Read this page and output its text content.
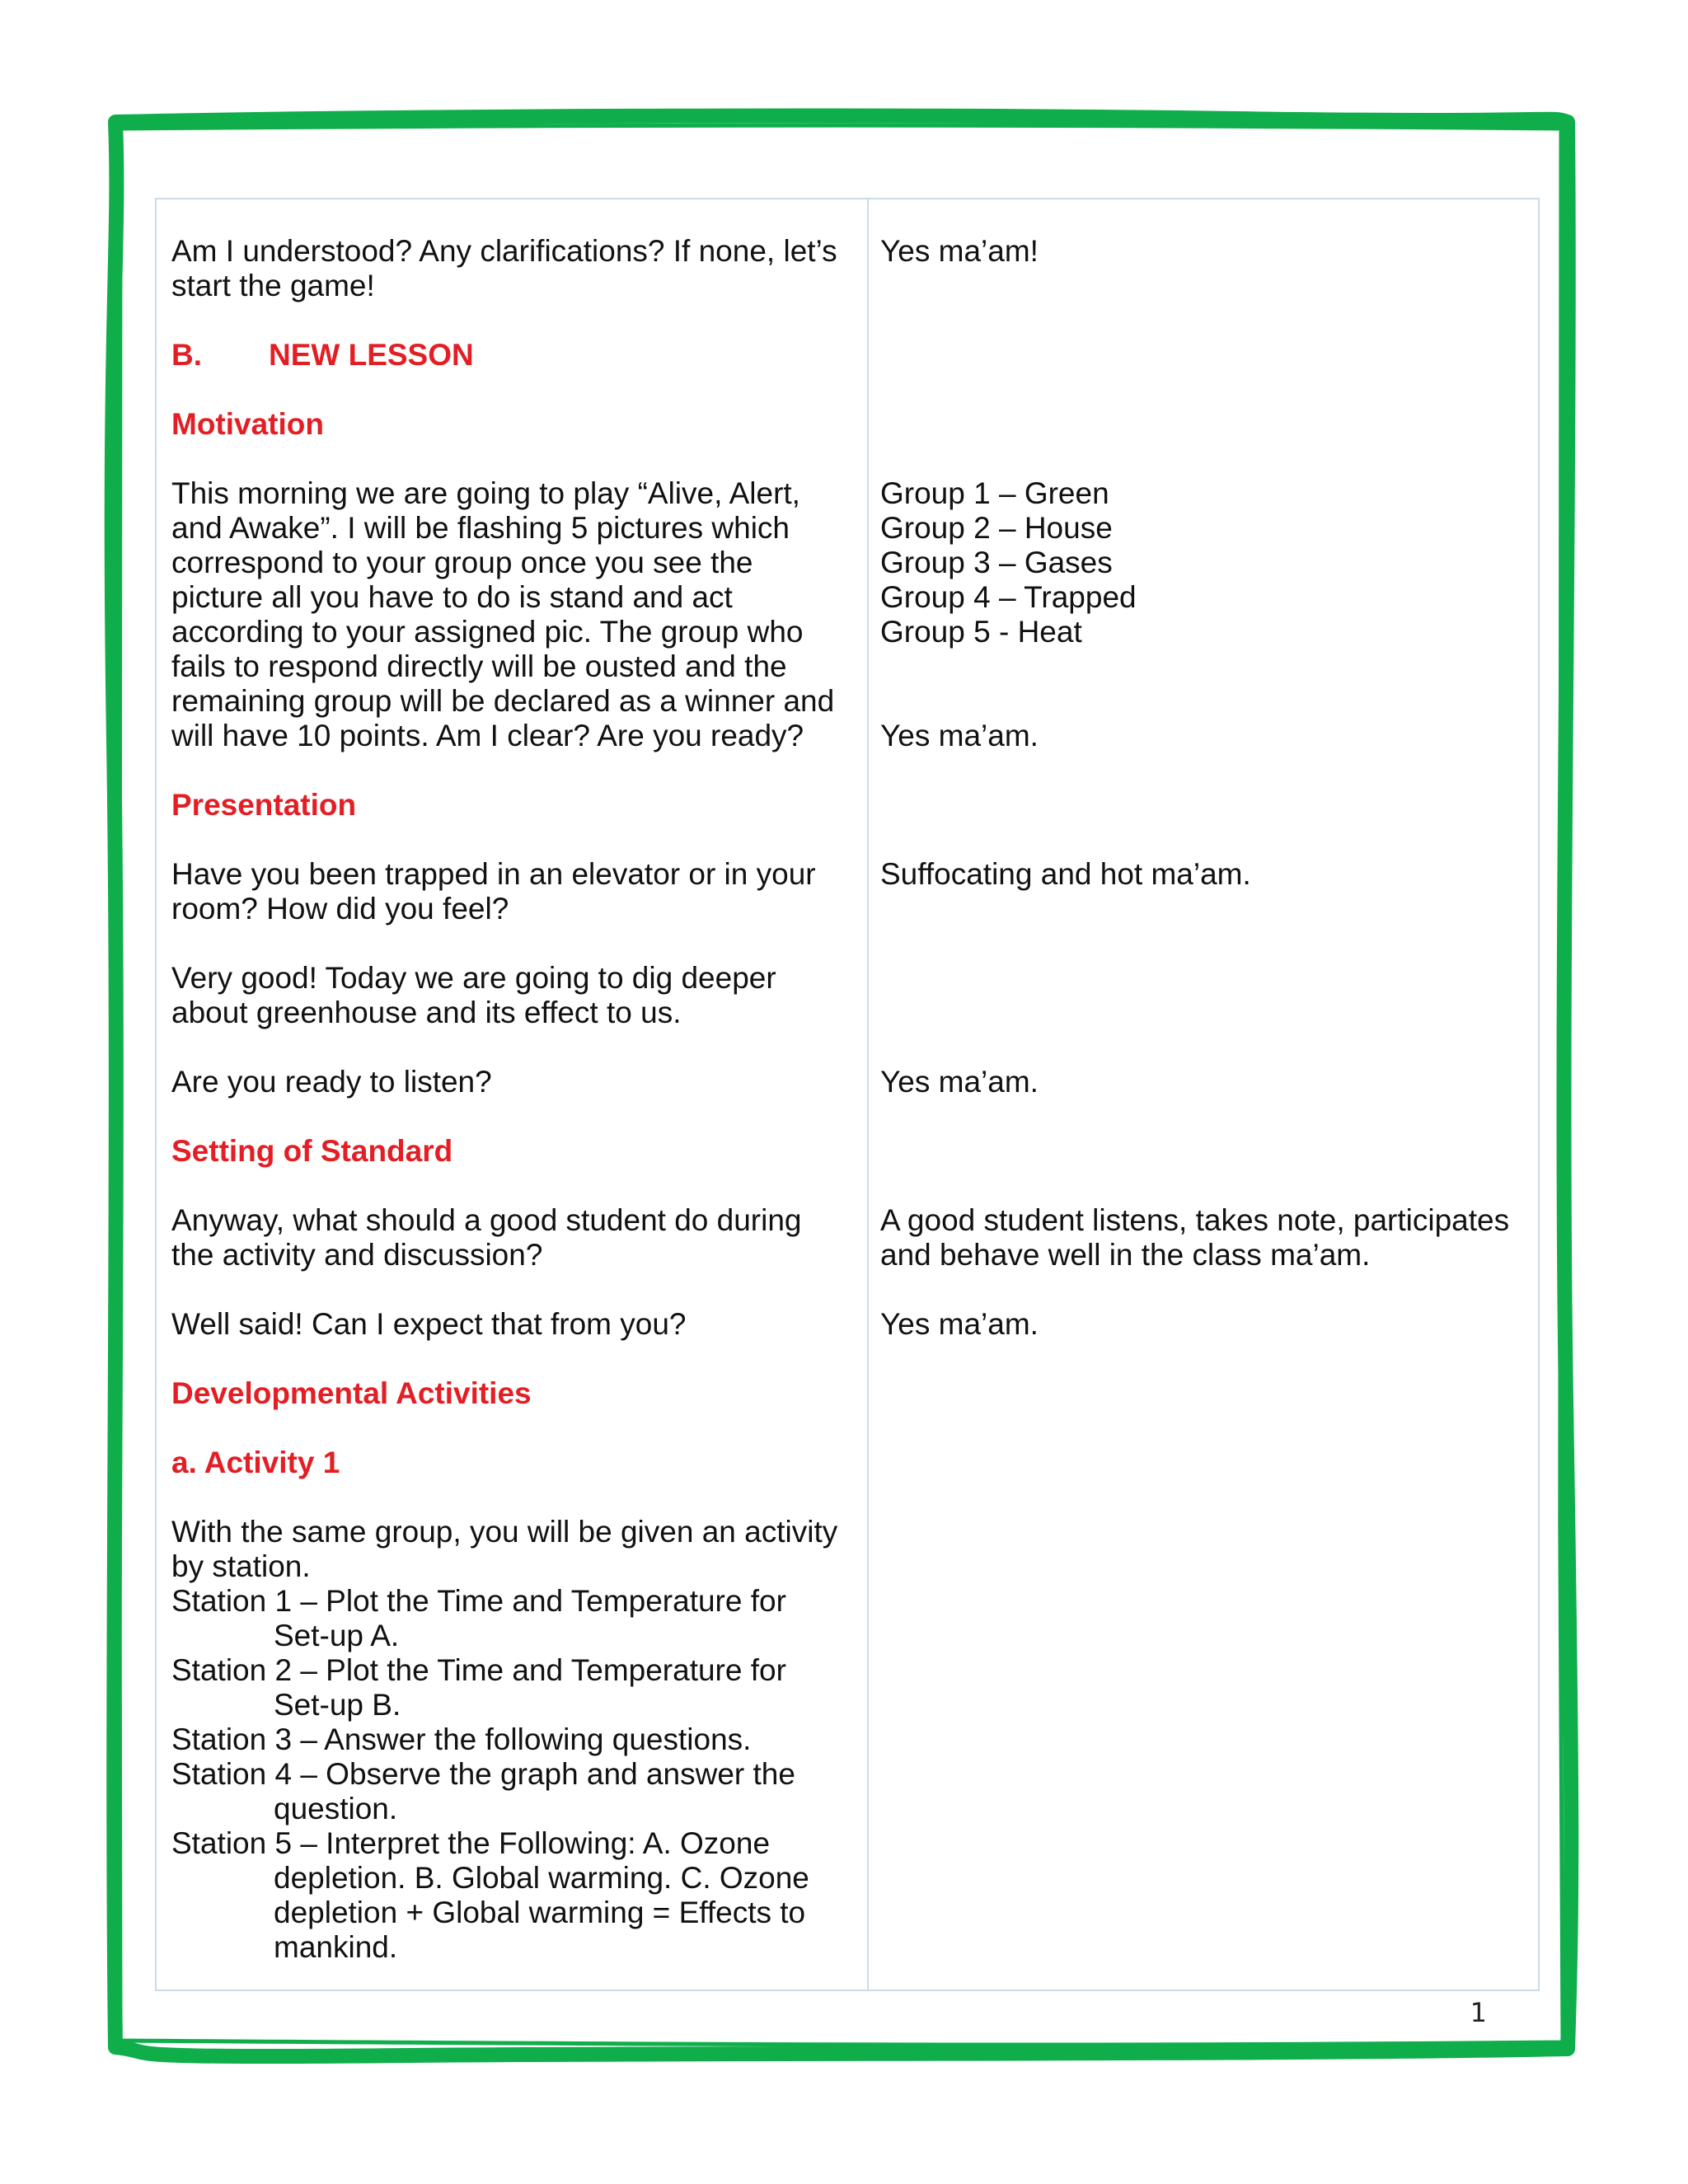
Am I understood? Any clarifications? If none, let’s

start the game!

B. NEW LESSON

Motivation

This morning we are going to play “Alive, Alert,

and Awake”. I will be flashing 5 pictures which

correspond to your group once you see the

picture all you have to do is stand and act

according to your assigned pic. The group who

fails to respond directly will be ousted and the

remaining group will be declared as a winner and

will have 10 points. Am I clear? Are you ready?

Presentation

Have you been trapped in an elevator or in your

room? How did you feel?

Very good! Today we are going to dig deeper

about greenhouse and its effect to us.

Are you ready to listen?

Setting of Standard

Anyway, what should a good student do during

the activity and discussion?

Well said! Can I expect that from you?

Developmental Activities

a. Activity 1

With the same group, you will be given an activity

by station.

Station 1 – Plot the Time and Temperature for

Set-up A.

Station 2 – Plot the Time and Temperature for

Set-up B.

Station 3 – Answer the following questions.

Station 4 – Observe the graph and answer the

question.

Station 5 – Interpret the Following: A. Ozone

depletion. B. Global warming. C. Ozone

depletion + Global warming = Effects to

mankind.

Yes ma’am!

Group 1 – Green

Group 2 – House

Group 3 – Gases

Group 4 – Trapped

Group 5 - Heat

Yes ma’am.

Suffocating and hot ma’am.

Yes ma’am.

A good student listens, takes note, participates

and behave well in the class ma’am.

Yes ma’am.

1
